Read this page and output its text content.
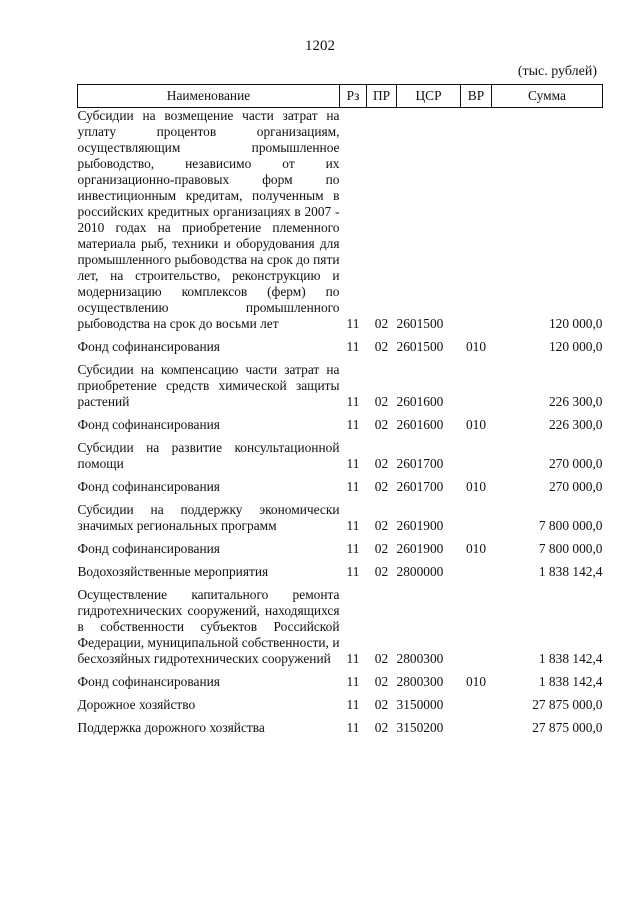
1202
(тыс. рублей)
Наименование	Рз	ПР	ЦСР	ВР	Сумма
Субсидии на возмещение части затрат на уплату процентов организациям, осуществляющим промышленное рыбоводство, независимо от их организационно-правовых форм по инвестиционным кредитам, полученным в российских кредитных организациях в 2007 - 2010 годах на приобретение племенного материала рыб, техники и оборудования для промышленного рыбоводства на срок до пяти лет, на строительство, реконструкцию и модернизацию комплексов (ферм) по осуществлению промышленного рыбоводства на срок до восьми лет	11	02	2601500		120 000,0

Фонд софинансирования	11	02	2601500	010	120 000,0

Субсидии на компенсацию части затрат на приобретение средств химической защиты растений	11	02	2601600		226 300,0

Фонд софинансирования	11	02	2601600	010	226 300,0

Субсидии на развитие консультационной помощи	11	02	2601700		270 000,0

Фонд софинансирования	11	02	2601700	010	270 000,0

Субсидии на поддержку экономически значимых региональных программ	11	02	2601900		7 800 000,0

Фонд софинансирования	11	02	2601900	010	7 800 000,0

Водохозяйственные мероприятия	11	02	2800000		1 838 142,4

Осуществление капитального ремонта гидротехнических сооружений, находящихся в собственности субъектов Российской Федерации, муниципальной собственности, и бесхозяйных гидротехнических сооружений	11	02	2800300		1 838 142,4

Фонд софинансирования	11	02	2800300	010	1 838 142,4

Дорожное хозяйство	11	02	3150000		27 875 000,0

Поддержка дорожного хозяйства	11	02	3150200		27 875 000,0
